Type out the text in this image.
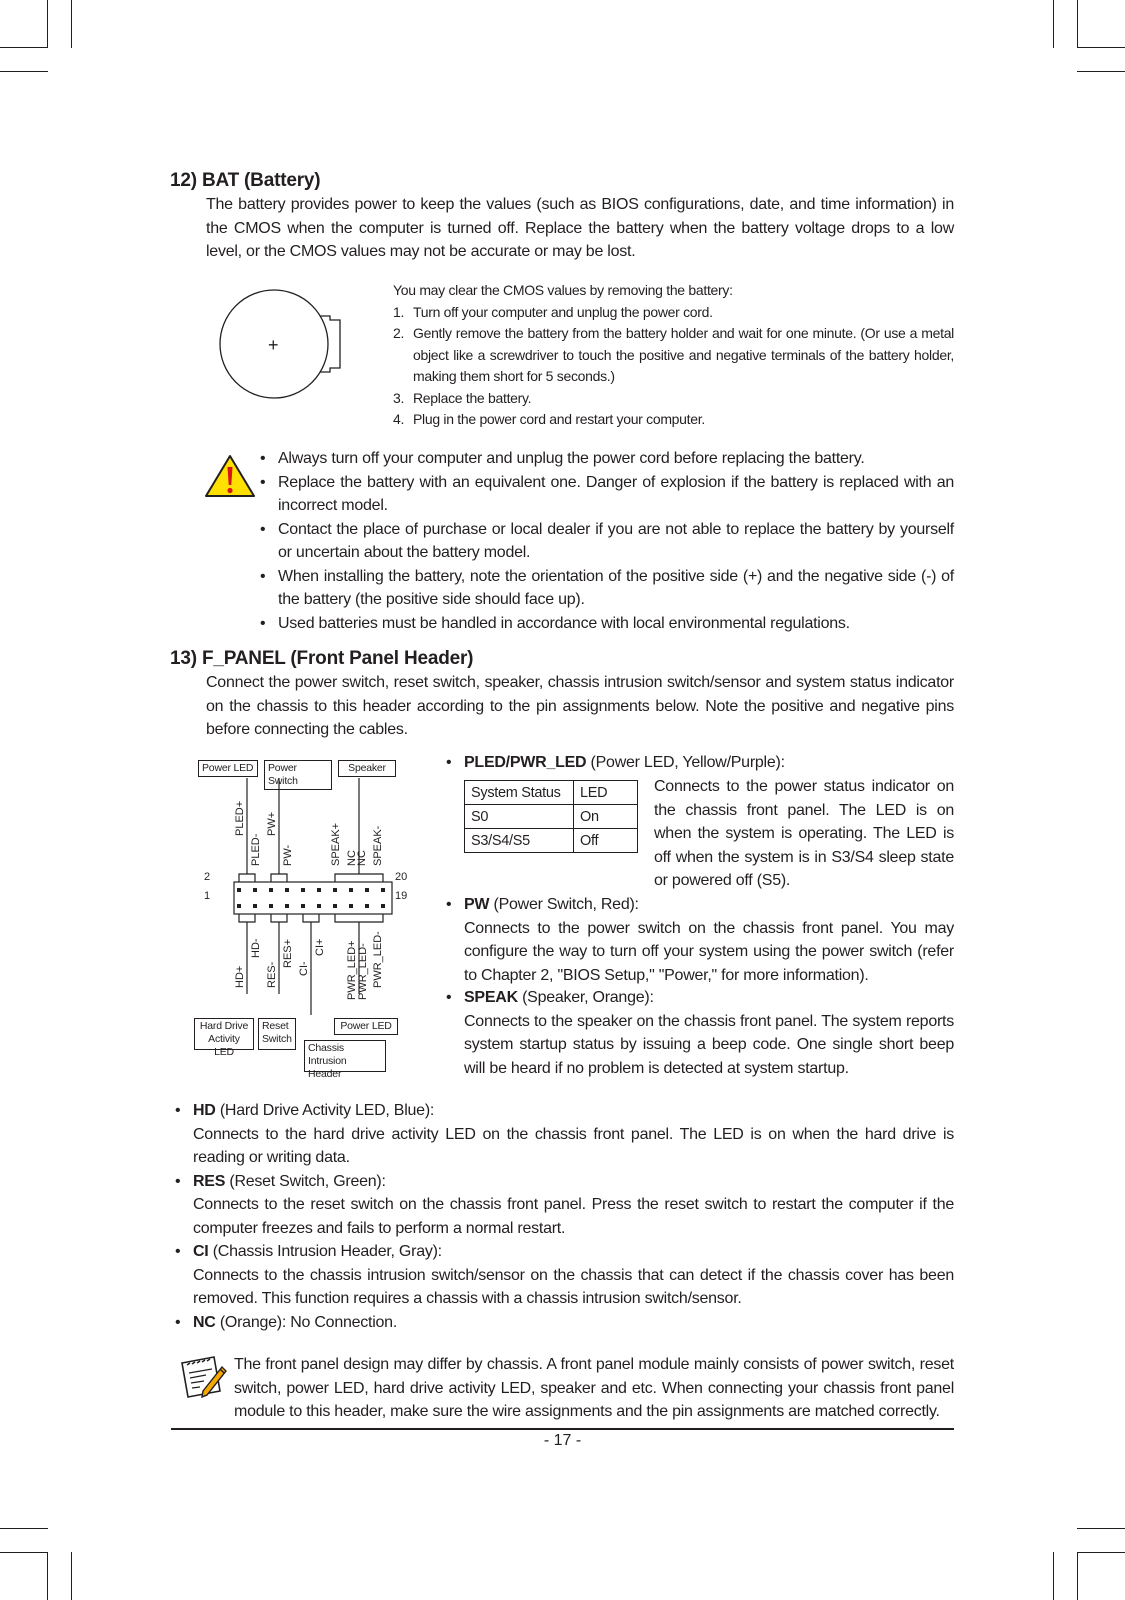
12) BAT (Battery)
The battery provides power to keep the values (such as BIOS configurations, date, and time information) in the CMOS when the computer is turned off. Replace the battery when the battery voltage drops to a low level, or the CMOS values may not be accurate or may be lost.
+
You may clear the CMOS values by removing the battery:
1. Turn off your computer and unplug the power cord.
2. Gently remove the battery from the battery holder and wait for one minute. (Or use a metal object like a screwdriver to touch the positive and negative terminals of the battery holder, making them short for 5 seconds.)
3. Replace the battery.
4. Plug in the power cord and restart your computer.
• Always turn off your computer and unplug the power cord before replacing the battery.
• Replace the battery with an equivalent one. Danger of explosion if the battery is replaced with an incorrect model.
• Contact the place of purchase or local dealer if you are not able to replace the battery by yourself or uncertain about the battery model.
• When installing the battery, note the orientation of the positive side (+) and the negative side (-) of the battery (the positive side should face up).
• Used batteries must be handled in accordance with local environmental regulations.
13) F_PANEL (Front Panel Header)
Connect the power switch, reset switch, speaker, chassis intrusion switch/sensor and system status indicator on the chassis to this header according to the pin assignments below. Note the positive and negative pins before connecting the cables.
Power LED	Power Switch
Speaker
2
1
20
19
PLED+
PLED-
PW+
PW-	SPEAK+ NC
NC SPEAK-
HD+
HD-
RES-
RES+
CI-
CI+ PWR_LED+ PWR_LED- PWR_LED-
Hard Drive Activity LED
Reset Switch
Power LED
Chassis Intrusion Header
• PLED/PWR_LED (Power LED, Yellow/Purple):
System Status	LED
S0	On
S3/S4/S5	Off
Connects to the power status indicator on the chassis front panel. The LED is on when the system is operating. The LED is off when the system is in S3/S4 sleep state or powered off (S5).
• PW (Power Switch, Red):
Connects to the power switch on the chassis front panel. You may configure the way to turn off your system using the power switch (refer to Chapter 2, "BIOS Setup," "Power," for more information).
• SPEAK (Speaker, Orange):
Connects to the speaker on the chassis front panel. The system reports system startup status by issuing a beep code. One single short beep will be heard if no problem is detected at system startup.
• HD (Hard Drive Activity LED, Blue):
Connects to the hard drive activity LED on the chassis front panel. The LED is on when the hard drive is reading or writing data.
• RES (Reset Switch, Green):
Connects to the reset switch on the chassis front panel. Press the reset switch to restart the computer if the computer freezes and fails to perform a normal restart.
• CI (Chassis Intrusion Header, Gray):
Connects to the chassis intrusion switch/sensor on the chassis that can detect if the chassis cover has been removed. This function requires a chassis with a chassis intrusion switch/sensor.
• NC (Orange): No Connection.
The front panel design may differ by chassis. A front panel module mainly consists of power switch, reset switch, power LED, hard drive activity LED, speaker and etc. When connecting your chassis front panel module to this header, make sure the wire assignments and the pin assignments are matched correctly.
- 17 -
